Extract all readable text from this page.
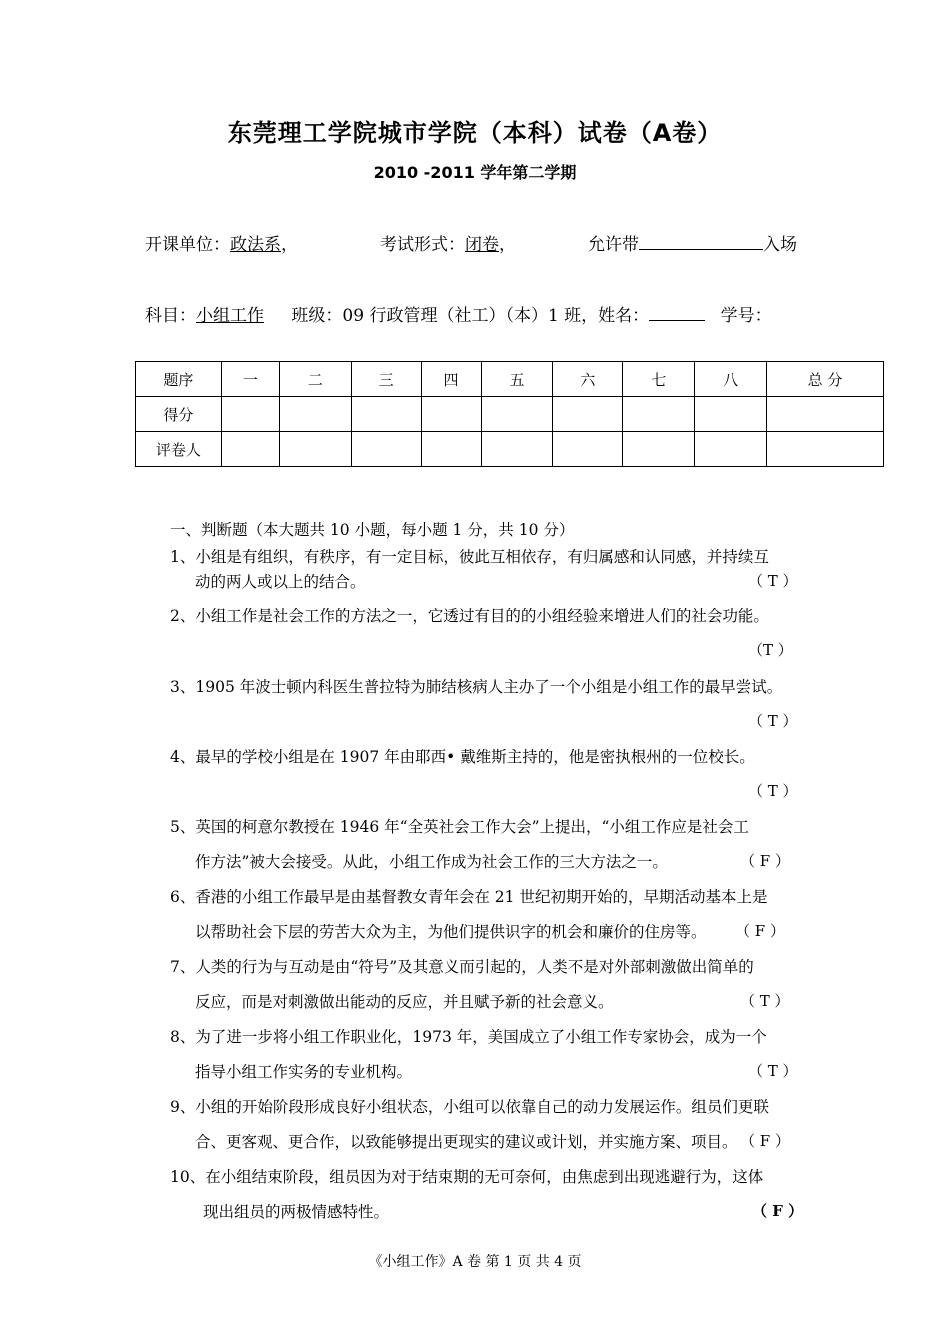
东莞理工学院城市学院（本科）试卷（A卷）
2010 -2011 学年第二学期
开课单位：政法系，	考试形式：闭卷，	允许带	入场
科目：小组工作 班级：09 行政管理（社工）（本）1 班，姓名：	学号：
题序	一	二	三	四	五	六	七	八	总 分
得分									
评卷人									
一、判断题（本大题共 10 小题，每小题 1 分，共 10 分）
1、小组是有组织，有秩序，有一定目标，彼此互相依存，有归属感和认同感，并持续互
动的两人或以上的结合。	（ T ）
2、小组工作是社会工作的方法之一，它透过有目的的小组经验来增进人们的社会功能。
（T ）
3、1905 年波士顿内科医生普拉特为肺结核病人主办了一个小组是小组工作的最早尝试。
（ T ）
4、最早的学校小组是在 1907 年由耶西• 戴维斯主持的，他是密执根州的一位校长。
（ T ）
5、英国的柯意尔教授在 1946 年“全英社会工作大会”上提出，“小组工作应是社会工
作方法”被大会接受。从此，小组工作成为社会工作的三大方法之一。	（ F ）
6、香港的小组工作最早是由基督教女青年会在 21 世纪初期开始的，早期活动基本上是
以帮助社会下层的劳苦大众为主，为他们提供识字的机会和廉价的住房等。 （ F ）
7、人类的行为与互动是由“符号”及其意义而引起的，人类不是对外部刺激做出简单的
反应，而是对刺激做出能动的反应，并且赋予新的社会意义。	（ T ）
8、为了进一步将小组工作职业化，1973 年，美国成立了小组工作专家协会，成为一个
指导小组工作实务的专业机构。	（ T ）
9、小组的开始阶段形成良好小组状态，小组可以依靠自己的动力发展运作。组员们更联
合、更客观、更合作，以致能够提出更现实的建议或计划，并实施方案、项目。 （ F ）
10、在小组结束阶段，组员因为对于结束期的无可奈何，由焦虑到出现逃避行为，这体
现出组员的两极情感特性。	（ F ）
《小组工作》A 卷 第 1 页 共 4 页
